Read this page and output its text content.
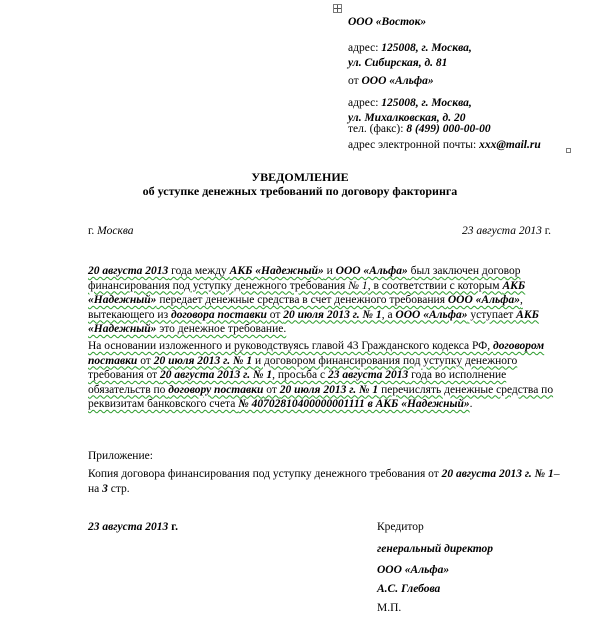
ООО «Восток»
адрес: 125008, г. Москва,
ул. Сибирская, д. 81
от ООО «Альфа»
адрес: 125008, г. Москва,
ул. Михалковская, д. 20
тел. (факс): 8 (499) 000-00-00
адрес электронной почты: xxx@mail.ru
УВЕДОМЛЕНИЕ
об уступке денежных требований по договору факторинга
г. Москва	23 августа 2013 г.
20 августа 2013 года между АКБ «Надежный» и ООО «Альфа» был заключен договор финансирования под уступку денежного требования № 1, в соответствии с которым АКБ «Надежный» передает денежные средства в счет денежного требования ООО «Альфа», вытекающего из договора поставки от 20 июля 2013 г. № 1, а ООО «Альфа» уступает АКБ «Надежный» это денежное требование.
На основании изложенного и руководствуясь главой 43 Гражданского кодекса РФ, договором поставки от 20 июля 2013 г. № 1 и договором финансирования под уступку денежного требования от 20 августа 2013 г. № 1, просьба с 23 августа 2013 года во исполнение обязательств по договору поставки от 20 июля 2013 г. № 1 перечислять денежные средства по реквизитам банковского счета № 40702810400000001111 в АКБ «Надежный».
Приложение:
Копия договора финансирования под уступку денежного требования от 20 августа 2013 г. № 1– на 3 стр.
23 августа 2013 г.	Кредитор
генеральный директор
ООО «Альфа»
А.С. Глебова
М.П.
